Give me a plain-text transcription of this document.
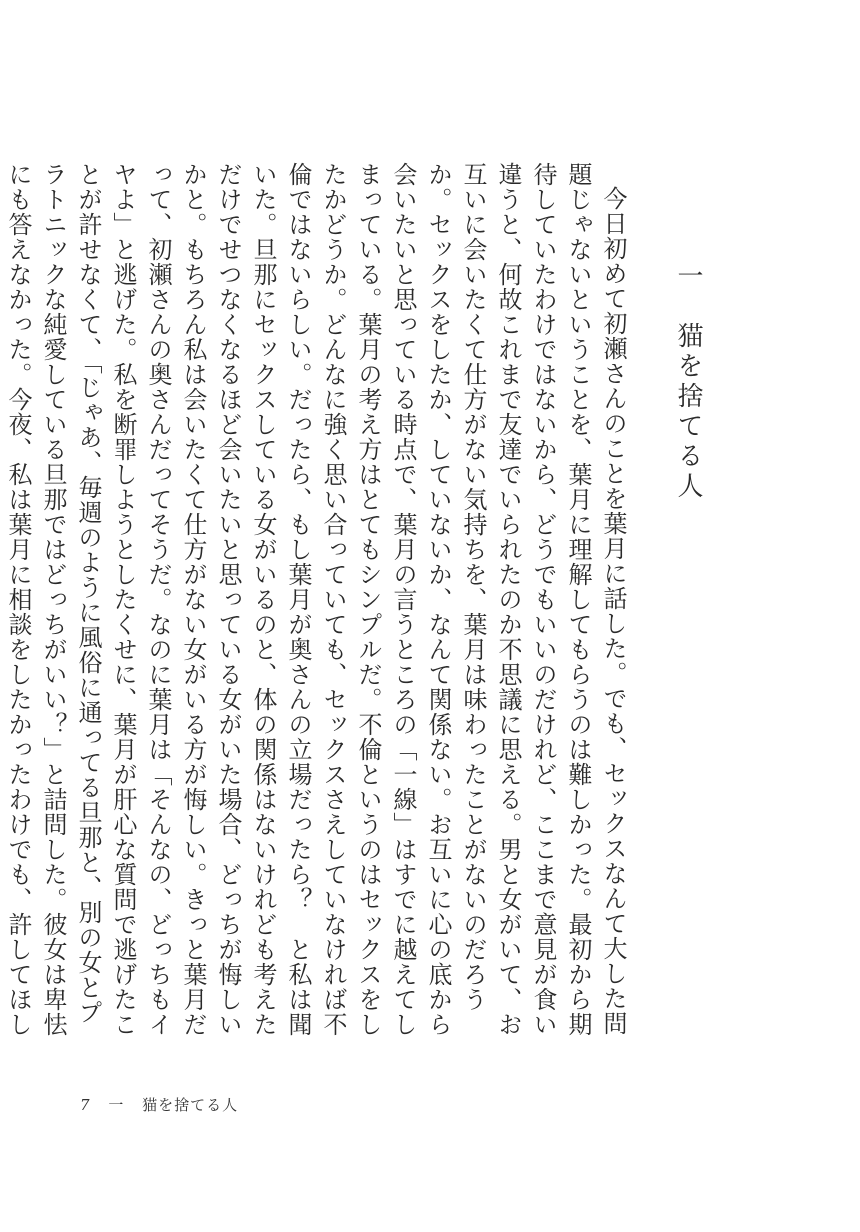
一猫を捨てる人

今日初めて初瀬さんのことを葉月に話した。でも、セックスなんて大した問題じゃないということを、葉月に理解してもらうのは難しかった。最初から期待していたわけではないから、どうでもいいのだけれど、ここまで意見が食い違うと、何故これまで友達でいられたのか不思議に思える。男と女がいて、お互いに会いたくて仕方がない気持ちを、葉月は味わったことがないのだろうか。セックスをしたか、していないか、なんて関係ない。お互いに心の底から会いたいと思っている時点で、葉月の言うところの「一線」はすでに越えてしまっている。葉月の考え方はとてもシンプルだ。不倫というのはセックスをしたかどうか。どんなに強く思い合っていても、セックスさえしていなければ不倫ではないらしい。だったら、もし葉月が奥さんの立場だったら？　と私は聞いた。旦那にセックスしている女がいるのと、体の関係はないけれども考えただけでせつなくなるほど会いたいと思っている女がいた場合、どっちが悔しいかと。もちろん私は会いたくて仕方がない女がいる方が悔しい。きっと葉月だって、初瀬さんの奥さんだってそうだ。なのに葉月は「そんなの、どっちもイヤよ」と逃げた。私を断罪しようとしたくせに、葉月が肝心な質問で逃げたことが許せなくて、「じゃあ、毎週のように風俗に通ってる旦那と、別の女とプラトニックな純愛している旦那ではどっちがいい？」と詰問した。彼女は卑怯にも答えなかった。今夜、私は葉月に相談をしたかったわけでも、許してほし

7 一 猫を捨てる人
